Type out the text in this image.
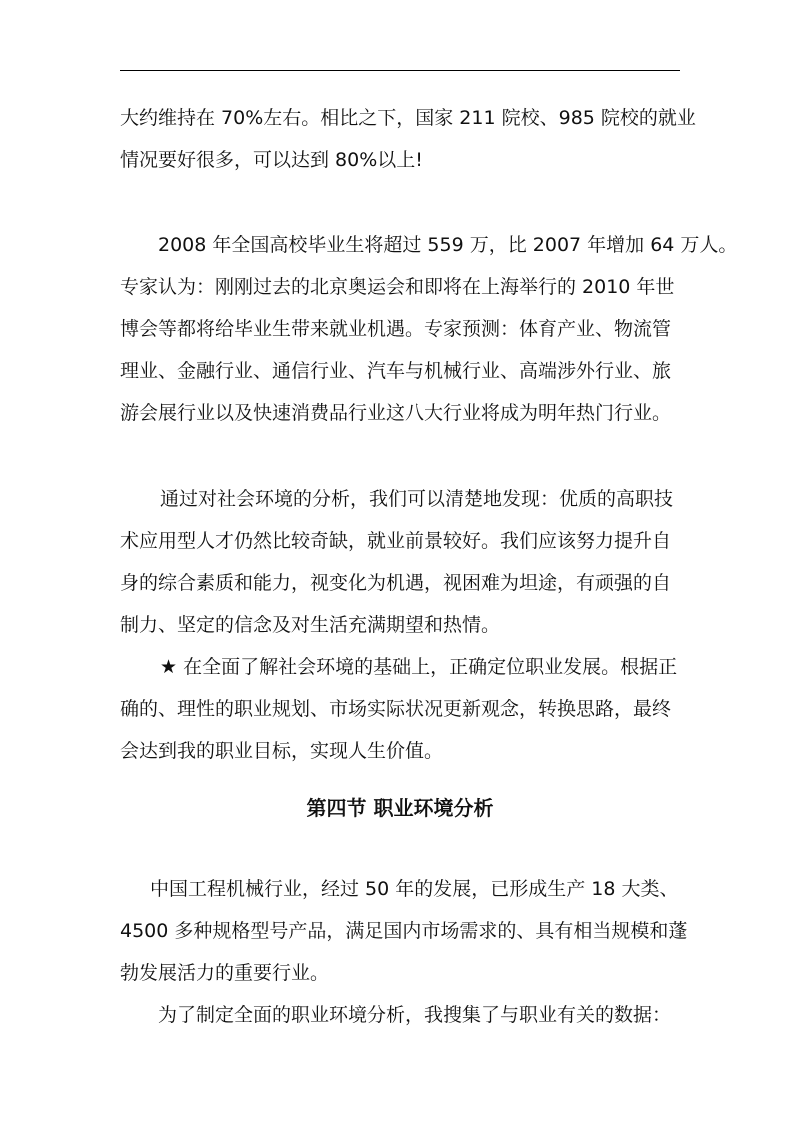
大约维持在 70%左右。相比之下，国家 211 院校、985 院校的就业
情况要好很多，可以达到 80%以上!
2008 年全国高校毕业生将超过 559 万，比 2007 年增加 64 万人。
专家认为：刚刚过去的北京奥运会和即将在上海举行的 2010 年世
博会等都将给毕业生带来就业机遇。专家预测：体育产业、物流管
理业、金融行业、通信行业、汽车与机械行业、高端涉外行业、旅
游会展行业以及快速消费品行业这八大行业将成为明年热门行业。
通过对社会环境的分析，我们可以清楚地发现：优质的高职技
术应用型人才仍然比较奇缺，就业前景较好。我们应该努力提升自
身的综合素质和能力，视变化为机遇，视困难为坦途，有顽强的自
制力、坚定的信念及对生活充满期望和热情。
★ 在全面了解社会环境的基础上，正确定位职业发展。根据正
确的、理性的职业规划、市场实际状况更新观念，转换思路，最终
会达到我的职业目标，实现人生价值。
第四节 职业环境分析
中国工程机械行业，经过 50 年的发展，已形成生产 18 大类、
4500 多种规格型号产品，满足国内市场需求的、具有相当规模和蓬
勃发展活力的重要行业。
为了制定全面的职业环境分析，我搜集了与职业有关的数据：
